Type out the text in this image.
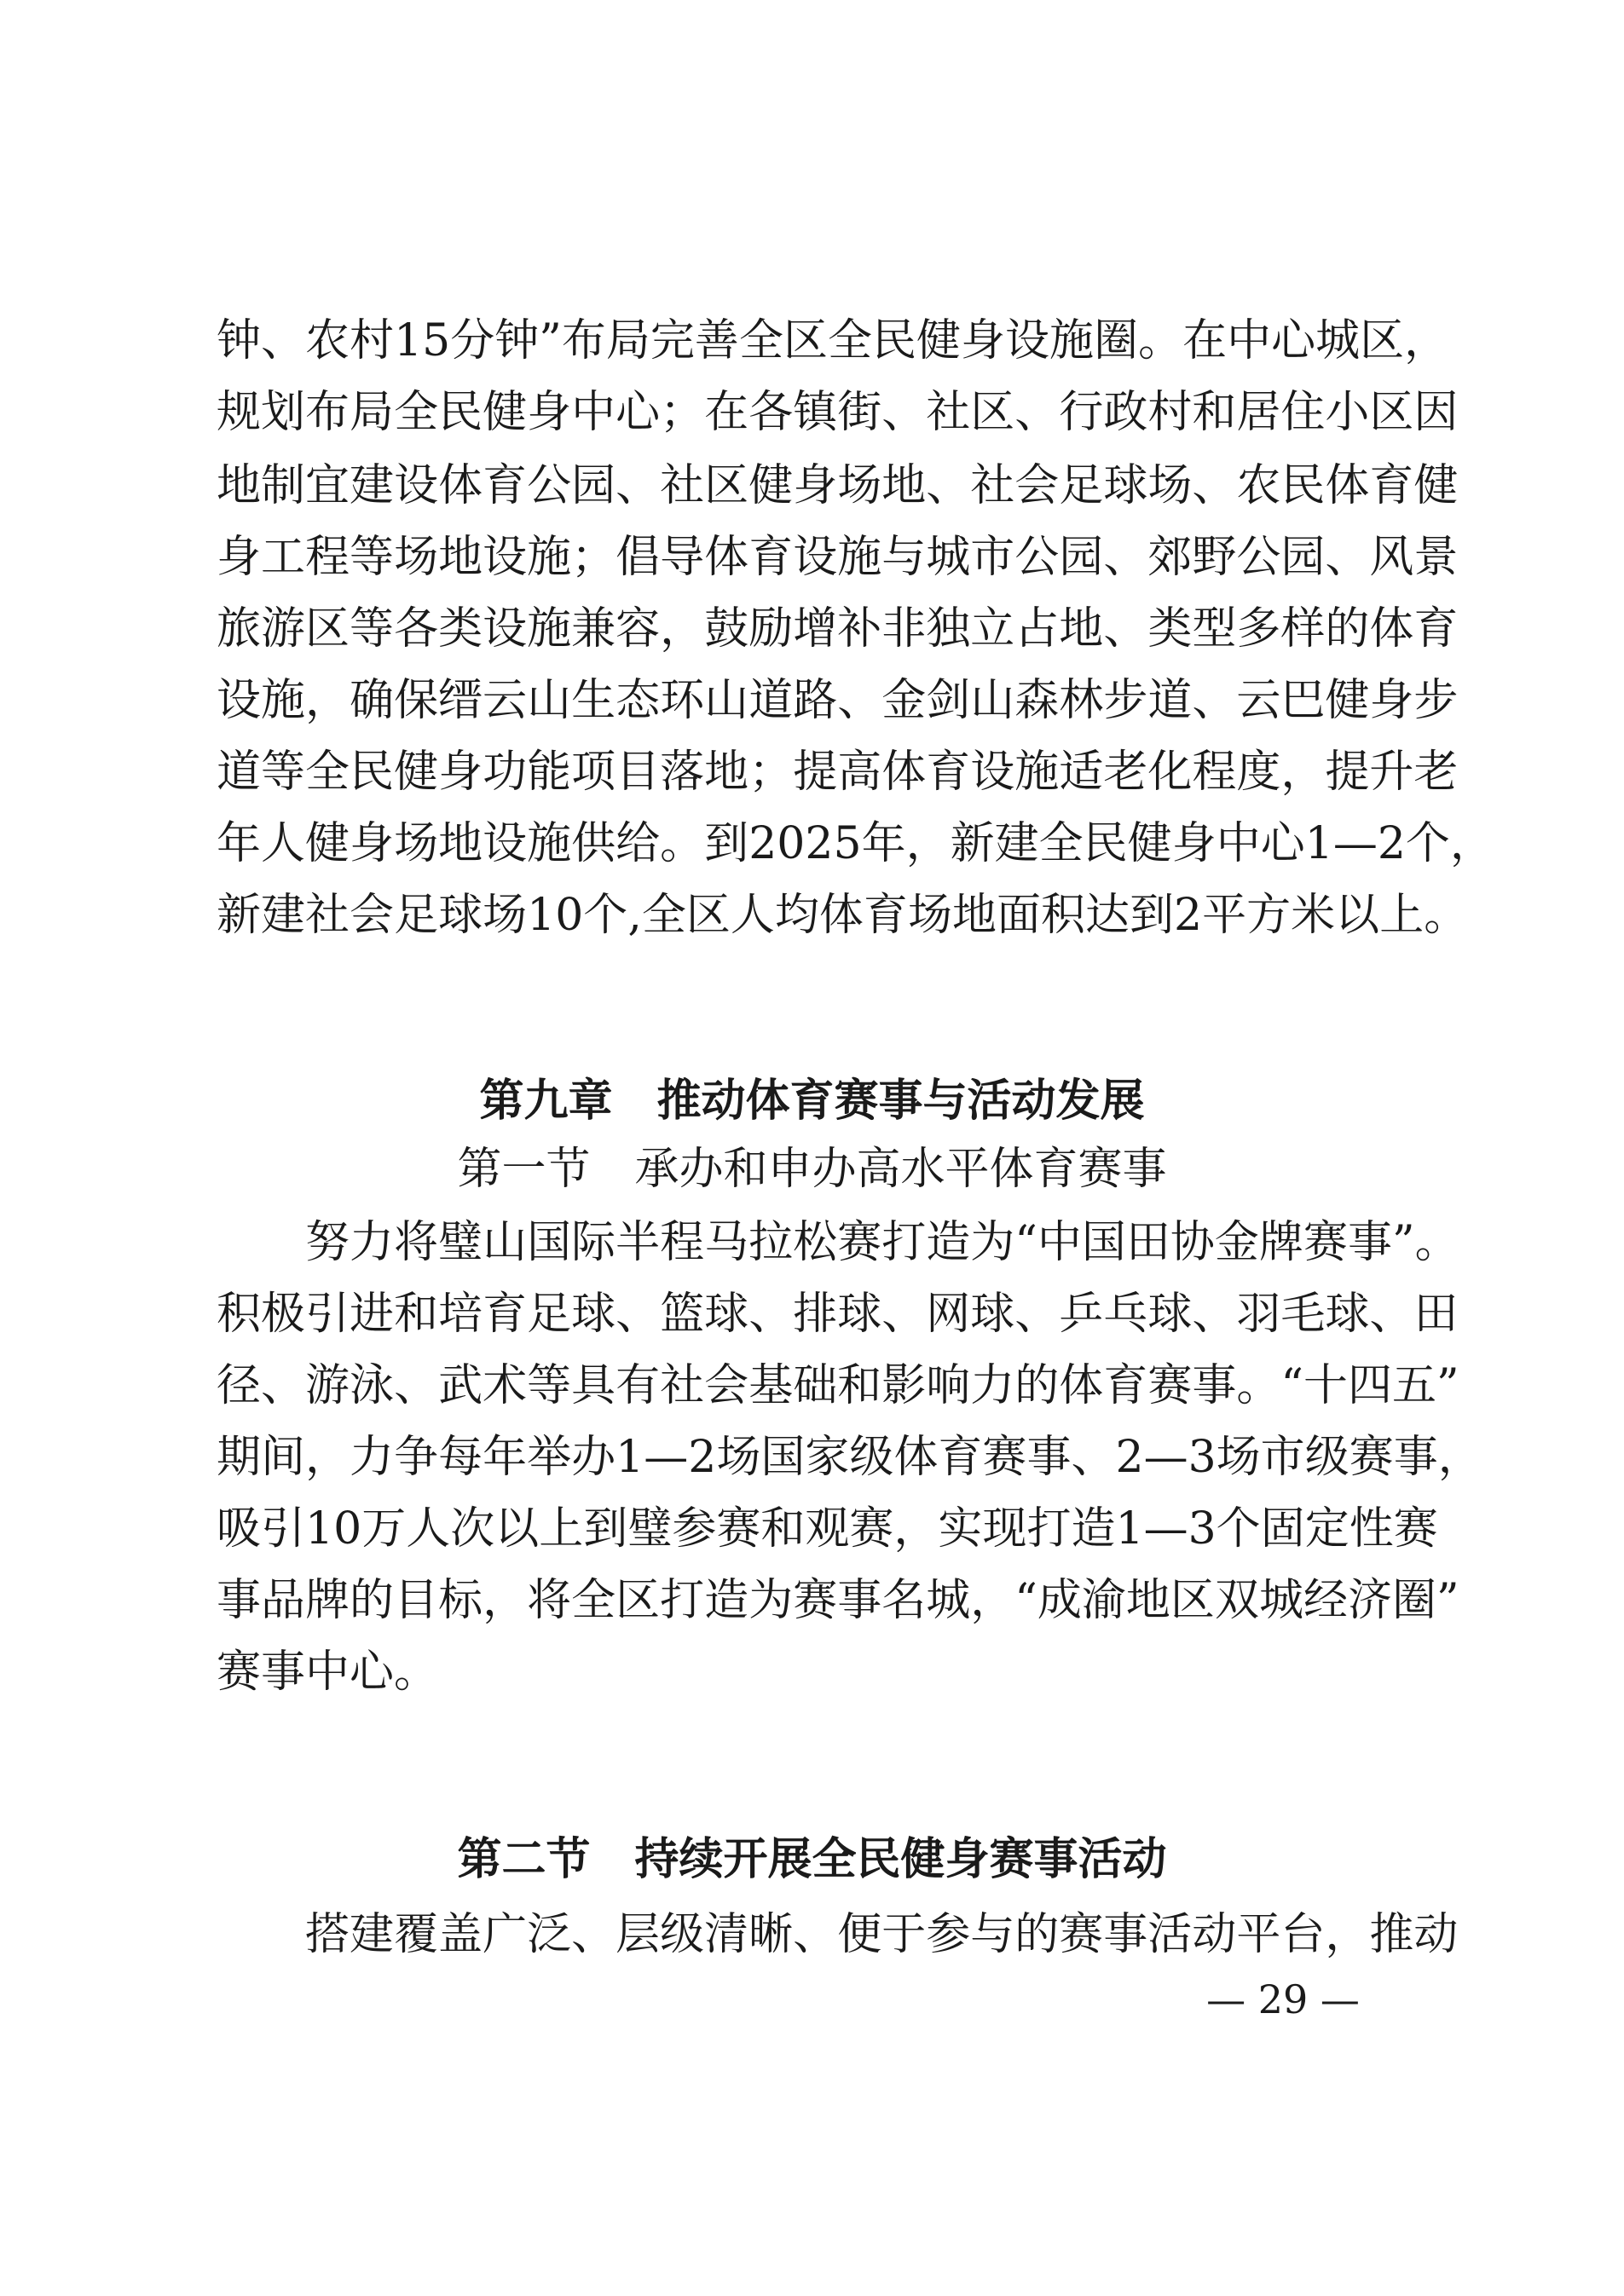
钟 、 农 村 1 5 分 钟 ” 布 局 完 善 全 区 全 民 健 身 设 施 圈 。 在 中 心 城 区 ，
规 划 布 局 全 民 健 身 中 心 ； 在 各 镇 街 、 社 区 、 行 政 村 和 居 住 小 区 因
地 制 宜 建 设 体 育 公 园 、 社 区 健 身 场 地 、 社 会 足 球 场 、 农 民 体 育 健
身 工 程 等 场 地 设 施 ； 倡 导 体 育 设 施 与 城 市 公 园 、 郊 野 公 园 、 风 景
旅 游 区 等 各 类 设 施 兼 容 ， 鼓 励 增 补 非 独 立 占 地 、 类 型 多 样 的 体 育
设 施 ， 确 保 缙 云 山 生 态 环 山 道 路 、 金 剑 山 森 林 步 道 、 云 巴 健 身 步
道 等 全 民 健 身 功 能 项 目 落 地 ； 提 高 体 育 设 施 适 老 化 程 度 ， 提 升 老
年 人 健 身 场 地 设 施 供 给 。 到 2 0 2 5 年 ， 新 建 全 民 健 身 中 心 1 — 2 个 ，
新 建 社 会 足 球 场 1 0 个 , 全 区 人 均 体 育 场 地 面 积 达 到 2 平 方 米 以 上 。
第九章 推动体育赛事与活动发展
第一节 承办和申办高水平体育赛事
努 力 将 璧 山 国 际 半 程 马 拉 松 赛 打 造 为 “ 中 国 田 协 金 牌 赛 事 ” 。
积 极 引 进 和 培 育 足 球 、 篮 球 、 排 球 、 网 球 、 乒 乓 球 、 羽 毛 球 、 田
径 、 游 泳 、 武 术 等 具 有 社 会 基 础 和 影 响 力 的 体 育 赛 事 。 “ 十 四 五 ”
期 间 ， 力 争 每 年 举 办 1 — 2 场 国 家 级 体 育 赛 事 、 2 — 3 场 市 级 赛 事 ，
吸 引 1 0 万 人 次 以 上 到 璧 参 赛 和 观 赛 ， 实 现 打 造 1 — 3 个 固 定 性 赛
事 品 牌 的 目 标 ， 将 全 区 打 造 为 赛 事 名 城 ， “ 成 渝 地 区 双 城 经 济 圈 ”
赛事中心。
第二节 持续开展全民健身赛事活动
搭 建 覆 盖 广 泛 、 层 级 清 晰 、 便 于 参 与 的 赛 事 活 动 平 台 ， 推 动
— 29 —
